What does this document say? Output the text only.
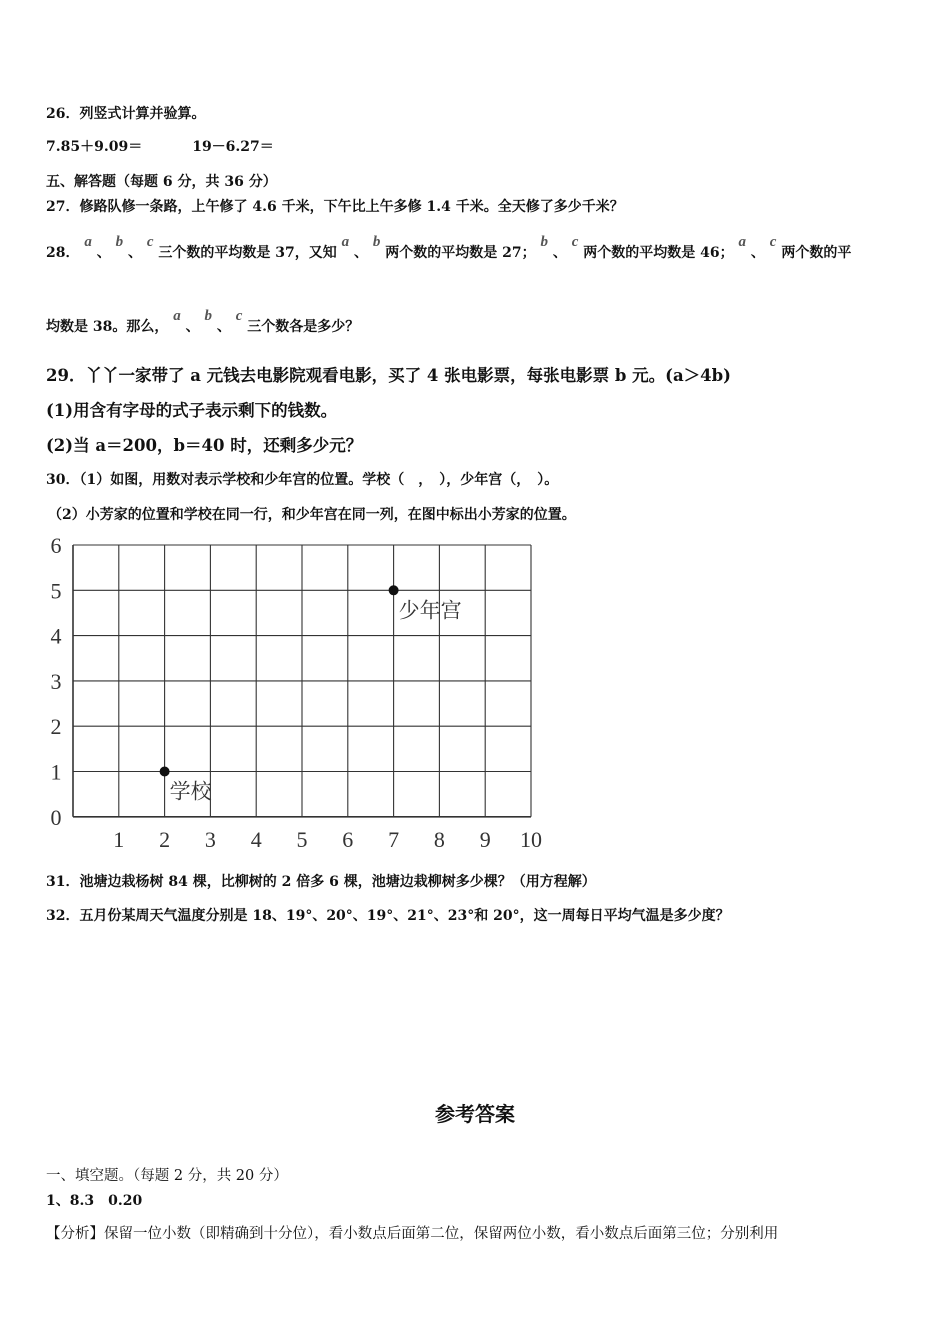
26．列竖式计算并验算。
7.85＋9.09＝	19－6.27＝
五、解答题（每题 6 分，共 36 分）
27．修路队修一条路，上午修了 4.6 千米，下午比上午多修 1.4 千米。全天修了多少千米？
28． a 、 b 、 c 三个数的平均数是 37，又知 a 、 b 两个数的平均数是 27； b 、 c 两个数的平均数是 46； a 、 c 两个数的平
均数是 38。那么， a 、 b 、 c 三个数各是多少？
29．丫丫一家带了 a 元钱去电影院观看电影，买了 4 张电影票，每张电影票 b 元。(a＞4b)
(1)用含有字母的式子表示剩下的钱数。
(2)当 a＝200，b＝40 时，还剩多少元？
30．（1）如图，用数对表示学校和少年宫的位置。学校（　，　），少年宫（，　）。
（2）小芳家的位置和学校在同一行，和少年宫在同一列，在图中标出小芳家的位置。
1 2 3 4 5 6 7 8 9 10
0
1
2
3
4
5
6
学校
少年宫
31．池塘边栽杨树 84 棵，比柳树的 2 倍多 6 棵，池塘边栽柳树多少棵？（用方程解）
32．五月份某周天气温度分别是 18、19°、20°、19°、21°、23°和 20°，这一周每日平均气温是多少度？
参考答案
一、填空题。（每题 2 分，共 20 分）
1、8.3　0.20
【分析】保留一位小数（即精确到十分位），看小数点后面第二位，保留两位小数，看小数点后面第三位；分别利用
